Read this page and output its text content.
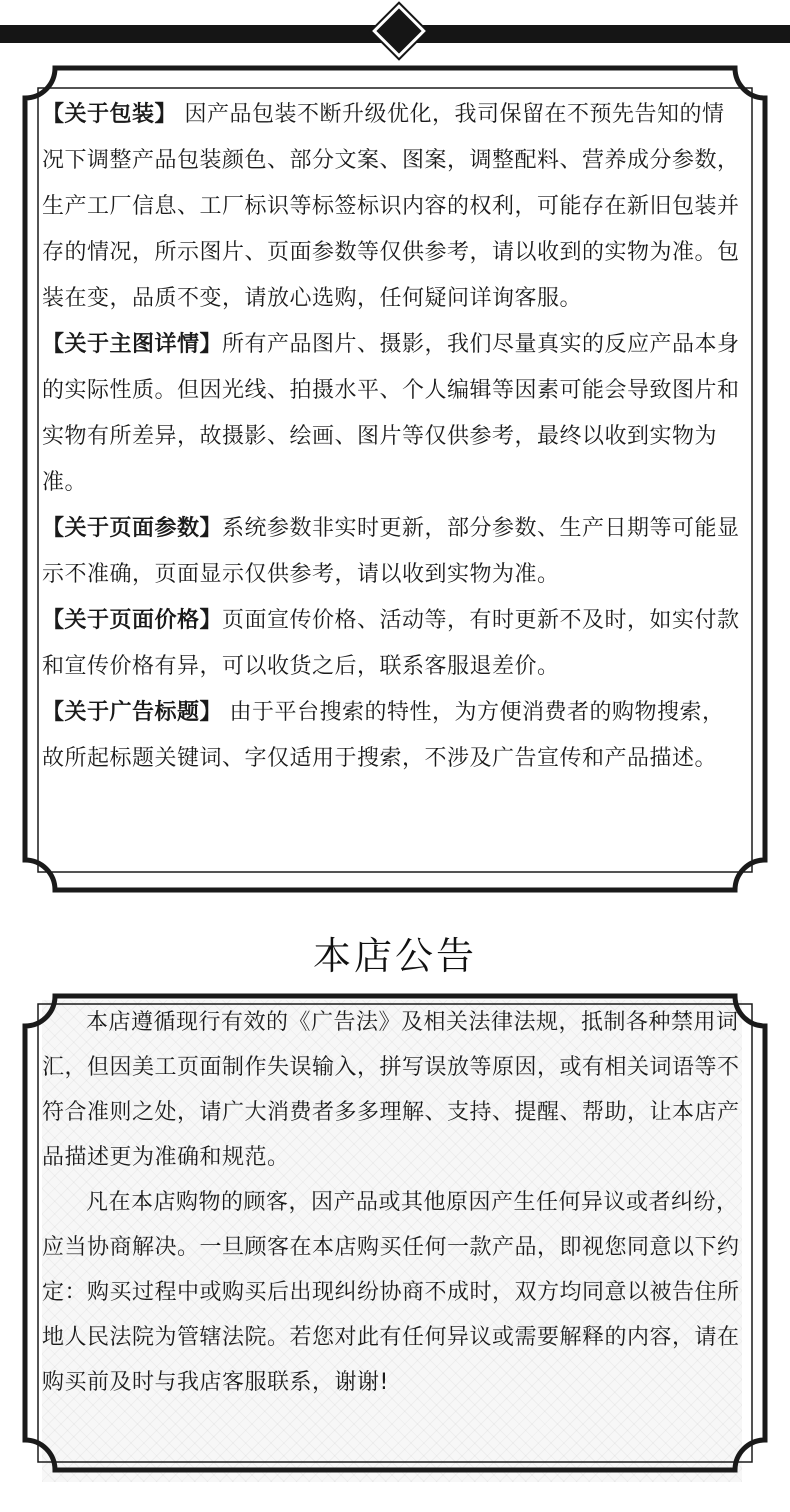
【关于包装】 因产品包装不断升级优化，我司保留在不预先告知的情况下调整产品包装颜色、部分文案、图案，调整配料、营养成分参数，生产工厂信息、工厂标识等标签标识内容的权利，可能存在新旧包装并存的情况，所示图片、页面参数等仅供参考，请以收到的实物为准。包装在变，品质不变，请放心选购，任何疑问详询客服。

【关于主图详情】所有产品图片、摄影，我们尽量真实的反应产品本身的实际性质。但因光线、拍摄水平、个人编辑等因素可能会导致图片和实物有所差异，故摄影、绘画、图片等仅供参考，最终以收到实物为准。

【关于页面参数】系统参数非实时更新，部分参数、生产日期等可能显示不准确，页面显示仅供参考，请以收到实物为准。

【关于页面价格】页面宣传价格、活动等，有时更新不及时，如实付款和宣传价格有异，可以收货之后，联系客服退差价。

【关于广告标题】 由于平台搜索的特性，为方便消费者的购物搜索，故所起标题关键词、字仅适用于搜索，不涉及广告宣传和产品描述。

本店公告

本店遵循现行有效的《广告法》及相关法律法规，抵制各种禁用词汇，但因美工页面制作失误输入，拼写误放等原因，或有相关词语等不符合准则之处，请广大消费者多多理解、支持、提醒、帮助，让本店产品描述更为准确和规范。

凡在本店购物的顾客，因产品或其他原因产生任何异议或者纠纷，应当协商解决。一旦顾客在本店购买任何一款产品，即视您同意以下约定：购买过程中或购买后出现纠纷协商不成时，双方均同意以被告住所地人民法院为管辖法院。若您对此有任何异议或需要解释的内容，请在购买前及时与我店客服联系，谢谢!
